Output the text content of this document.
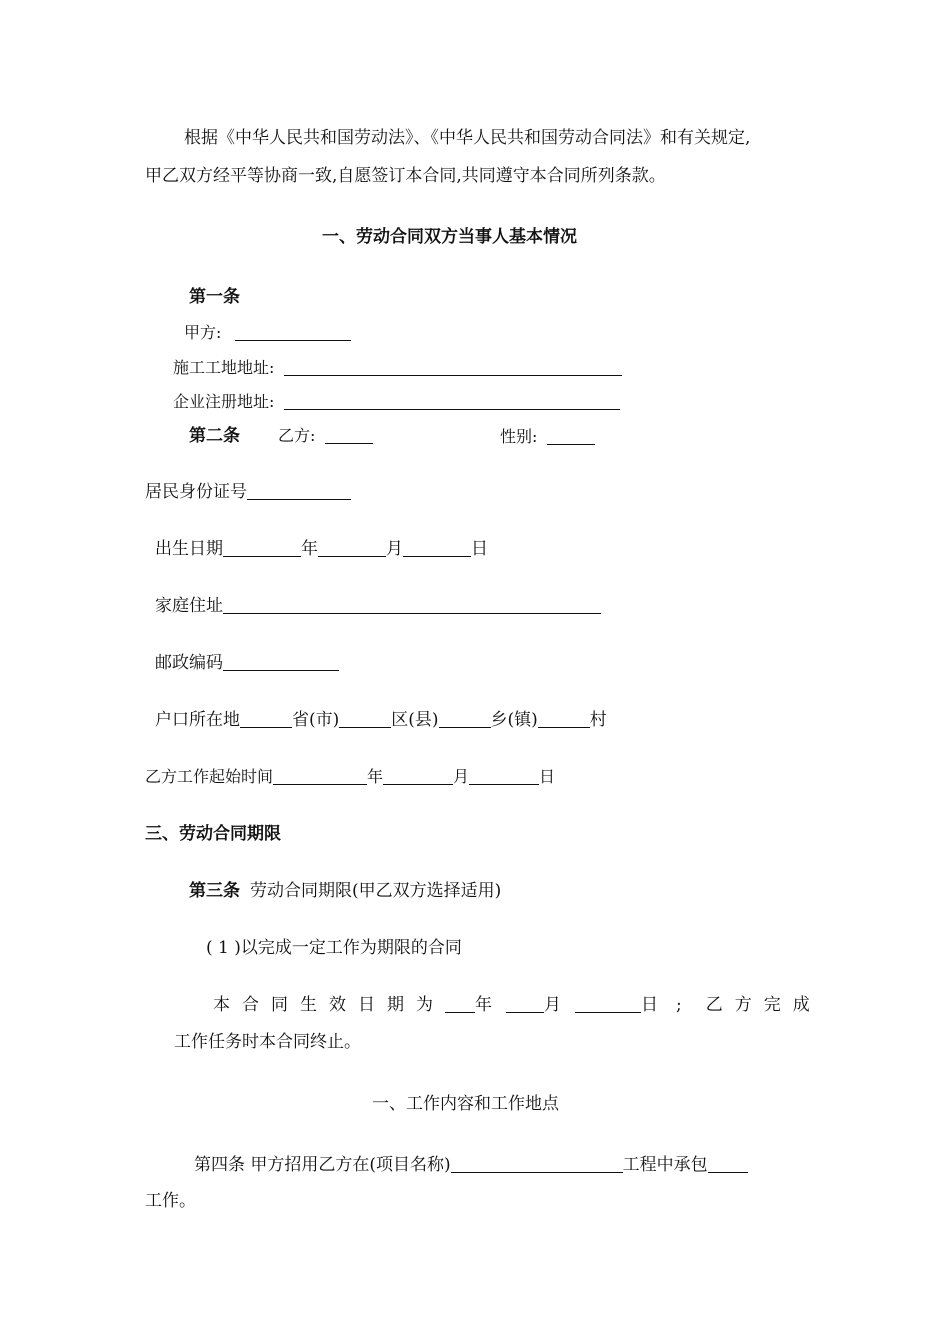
根据《中华人民共和国劳动法》、《中华人民共和国劳动合同法》和有关规定,
甲乙双方经平等协商一致,自愿签订本合同,共同遵守本合同所列条款。
一、劳动合同双方当事人基本情况
第一条
甲方:
施工工地地址:
企业注册地址:
第二条 乙方:	性别:
居民身份证号
出生日期	年	月	日
家庭住址
邮政编码
户口所在地	省(市)	区(县)	乡(镇)	村
乙方工作起始时间	年	月	日
三、劳动合同期限
第三条 劳动合同期限(甲乙双方选择适用)
( 1 )以完成一定工作为期限的合同
本合同生效日期为 年	月	日 ; 乙方完成
工作任务时本合同终止。
一、工作内容和工作地点
第四条 甲方招用乙方在(项目名称)	工程中承包
工作。
